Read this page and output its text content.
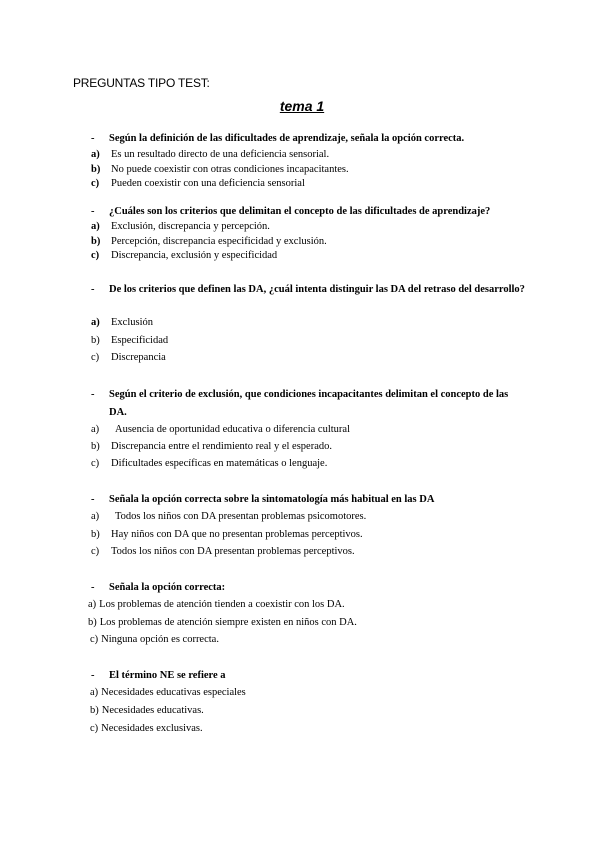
PREGUNTAS TIPO TEST:
tema 1
-	Según la definición de las dificultades de aprendizaje, señala la opción correcta.
a) Es un resultado directo de una deficiencia sensorial.
b) No puede coexistir con otras condiciones incapacitantes.
c) Pueden coexistir con una deficiencia sensorial
-	¿Cuáles son los criterios que delimitan el concepto de las dificultades de aprendizaje?
a) Exclusión, discrepancia y percepción.
b) Percepción, discrepancia especificidad y exclusión.
c) Discrepancia, exclusión y especificidad
-	De los criterios que definen las DA, ¿cuál intenta distinguir las DA del retraso del desarrollo?
a) Exclusión
b) Especificidad
c) Discrepancia
-	Según el criterio de exclusión, que condiciones incapacitantes delimitan el concepto de las DA.
a) Ausencia de oportunidad educativa o diferencia cultural
b) Discrepancia entre el rendimiento real y el esperado.
c) Dificultades específicas en matemáticas o lenguaje.
-	Señala la opción correcta sobre la sintomatología más habitual en las DA
a) Todos los niños con DA presentan problemas psicomotores.
b) Hay niños con DA que no presentan problemas perceptivos.
c) Todos los niños con DA presentan problemas perceptivos.
-	Señala la opción correcta:
a) Los problemas de atención tienden a coexistir con los DA.
b) Los problemas de atención siempre existen en niños con DA.
c) Ninguna opción es correcta.
-	El término NE se refiere a
a) Necesidades educativas especiales
b) Necesidades educativas.
c) Necesidades exclusivas.
